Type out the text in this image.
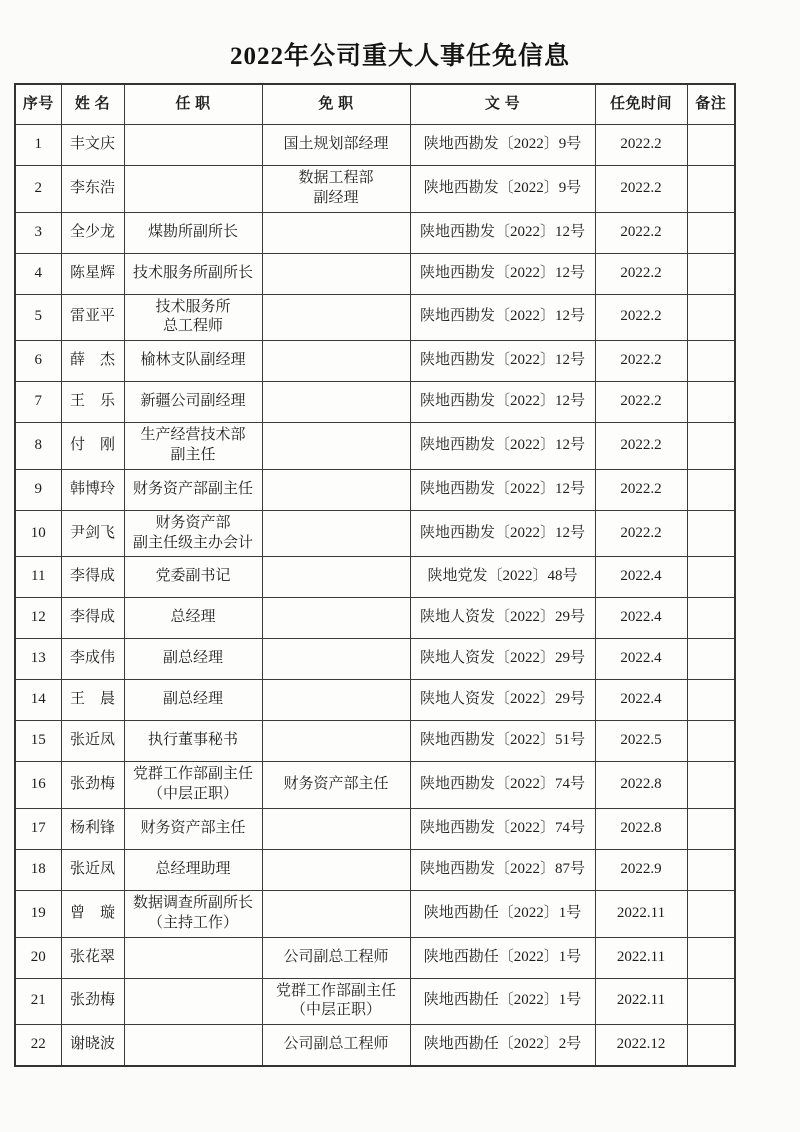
2022年公司重大人事任免信息
序号	姓 名	任 职	免 职	文 号	任免时间	备注
1	丰文庆		国土规划部经理	陕地西勘发〔2022〕9号	2022.2	
2	李东浩		数据工程部
副经理	陕地西勘发〔2022〕9号	2022.2	
3	全少龙	煤勘所副所长		陕地西勘发〔2022〕12号	2022.2	
4	陈星辉	技术服务所副所长		陕地西勘发〔2022〕12号	2022.2	
5	雷亚平	技术服务所
总工程师		陕地西勘发〔2022〕12号	2022.2	
6	薛　杰	榆林支队副经理		陕地西勘发〔2022〕12号	2022.2	
7	王　乐	新疆公司副经理		陕地西勘发〔2022〕12号	2022.2	
8	付　刚	生产经营技术部
副主任		陕地西勘发〔2022〕12号	2022.2	
9	韩博玲	财务资产部副主任		陕地西勘发〔2022〕12号	2022.2	
10	尹剑飞	财务资产部
副主任级主办会计		陕地西勘发〔2022〕12号	2022.2	
11	李得成	党委副书记		陕地党发〔2022〕48号	2022.4	
12	李得成	总经理		陕地人资发〔2022〕29号	2022.4	
13	李成伟	副总经理		陕地人资发〔2022〕29号	2022.4	
14	王　晨	副总经理		陕地人资发〔2022〕29号	2022.4	
15	张近凤	执行董事秘书		陕地西勘发〔2022〕51号	2022.5	
16	张劲梅	党群工作部副主任
（中层正职）	财务资产部主任	陕地西勘发〔2022〕74号	2022.8	
17	杨利锋	财务资产部主任		陕地西勘发〔2022〕74号	2022.8	
18	张近凤	总经理助理		陕地西勘发〔2022〕87号	2022.9	
19	曾　璇	数据调查所副所长
（主持工作）		陕地西勘任〔2022〕1号	2022.11	
20	张花翠		公司副总工程师	陕地西勘任〔2022〕1号	2022.11	
21	张劲梅		党群工作部副主任
（中层正职）	陕地西勘任〔2022〕1号	2022.11	
22	谢晓波		公司副总工程师	陕地西勘任〔2022〕2号	2022.12	
